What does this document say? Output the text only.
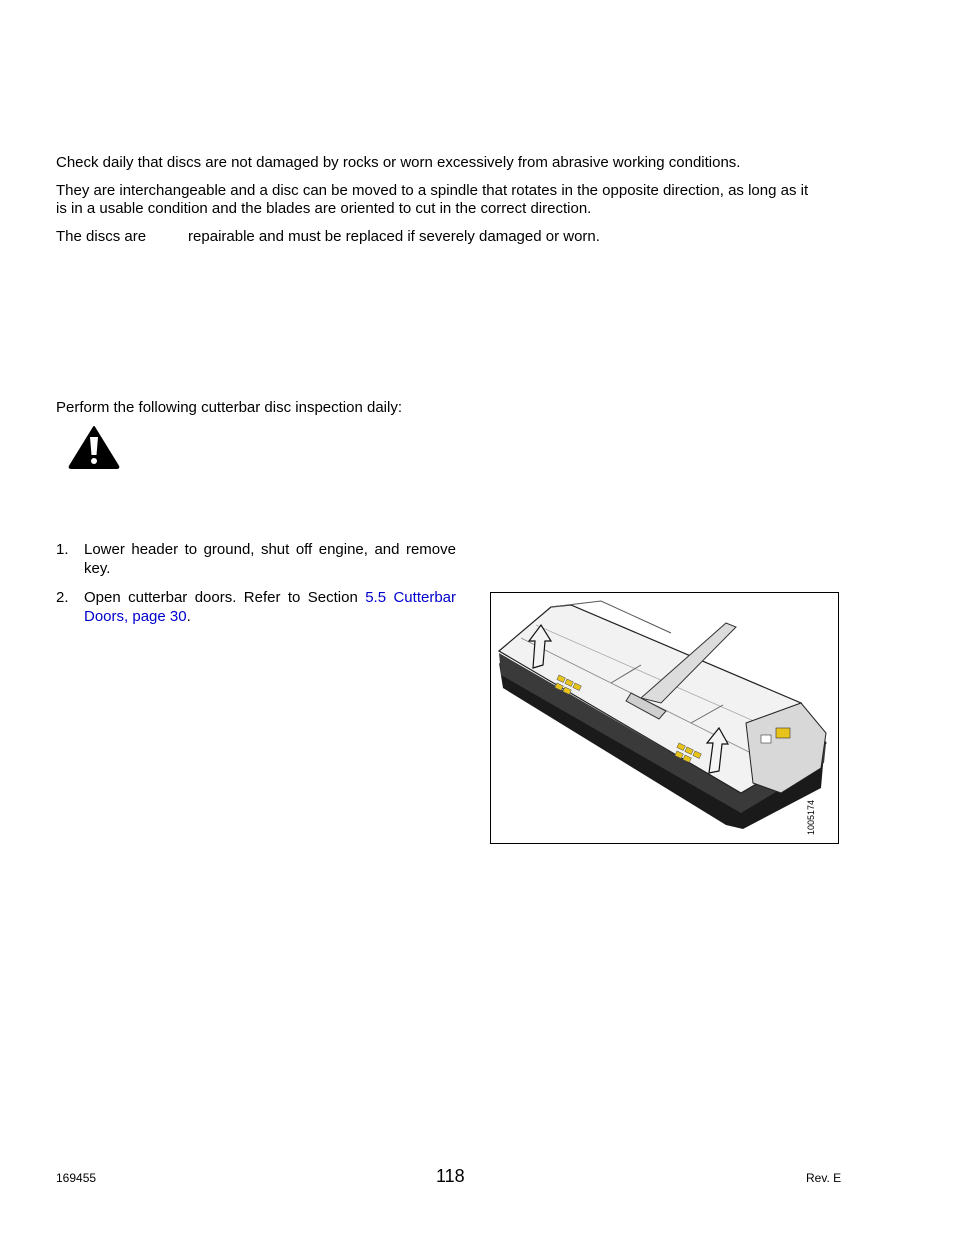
Check daily that discs are not damaged by rocks or worn excessively from abrasive working conditions.

They are interchangeable and a disc can be moved to a spindle that rotates in the opposite direction, as long as it

is in a usable condition and the blades are oriented to cut in the correct direction.

The discs are	repairable and must be replaced if severely damaged or worn.

Perform the following cutterbar disc inspection daily:

1.	Lower header to ground, shut off engine, and remove key.
2.	Open cutterbar doors. Refer to Section 5.5 Cutterbar Doors, page 30.
1005174
169455	118	Rev. E
